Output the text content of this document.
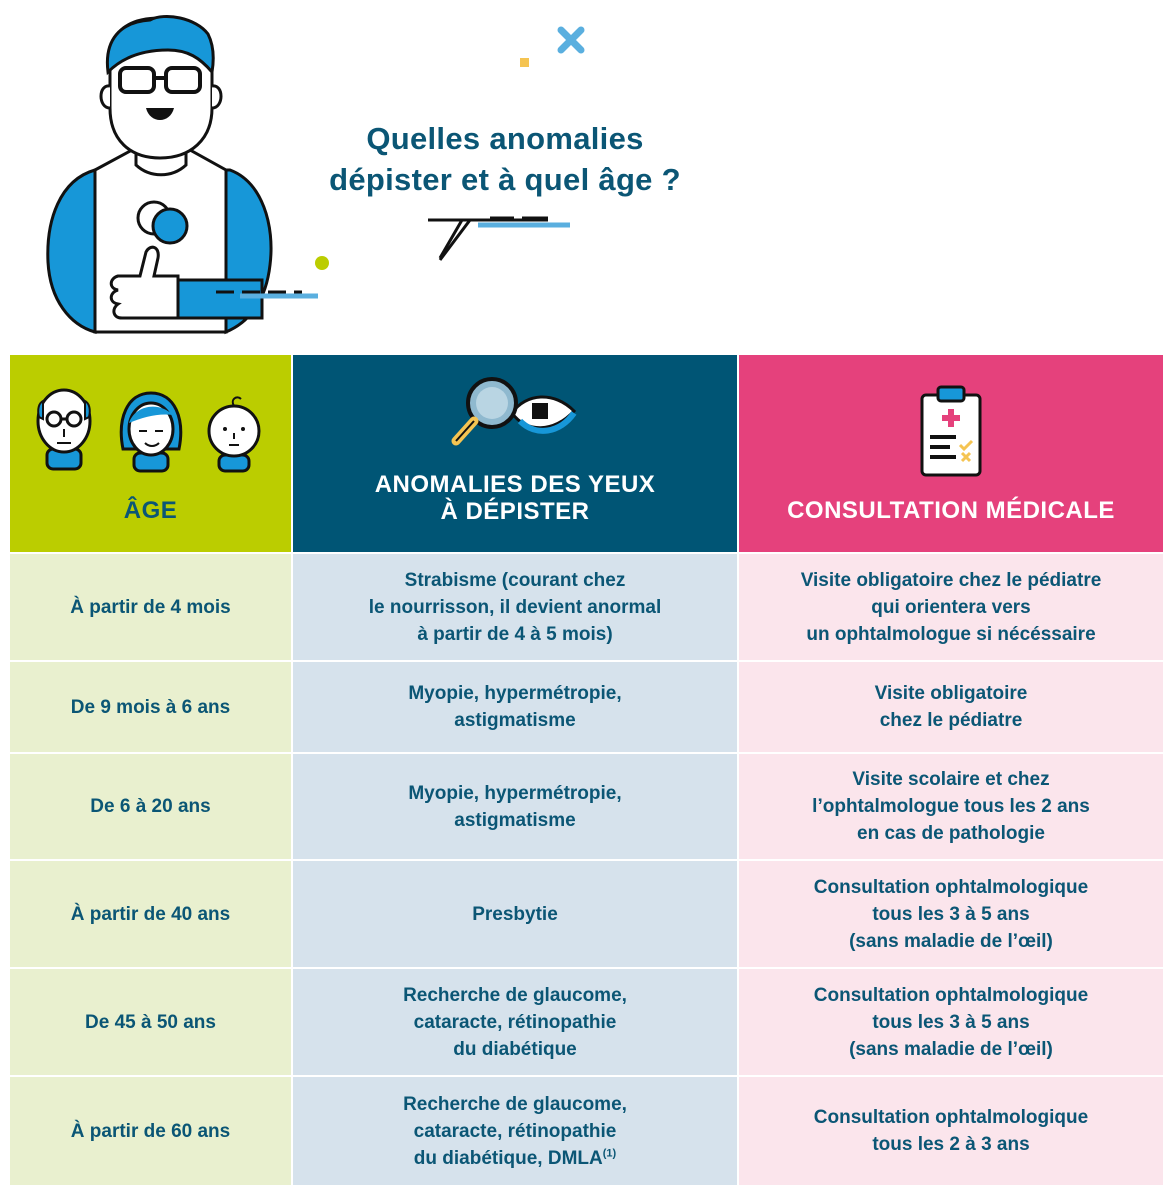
Quelles anomalies
dépister et à quel âge ?
ÂGE
ANOMALIES DES YEUX
À DÉPISTER	CONSULTATION MÉDICALE
À partir de 4 mois
Strabisme (courant chez
le nourrisson, il devient anormal
à partir de 4 à 5 mois)
Visite obligatoire chez le pédiatre
qui orientera vers
un ophtalmologue si nécéssaire
De 9 mois à 6 ans
Myopie, hypermétropie,
astigmatisme
Visite obligatoire
chez le pédiatre
De 6 à 20 ans
Myopie, hypermétropie,
astigmatisme
Visite scolaire et chez
l’ophtalmologue tous les 2 ans
en cas de pathologie
À partir de 40 ans	Presbytie
Consultation ophtalmologique
tous les 3 à 5 ans
(sans maladie de l’œil)
De 45 à 50 ans
Recherche de glaucome,
cataracte, rétinopathie
du diabétique
Consultation ophtalmologique
tous les 3 à 5 ans
(sans maladie de l’œil)
À partir de 60 ans
Recherche de glaucome,
cataracte, rétinopathie
du diabétique, DMLA$^{(1)}$
Consultation ophtalmologique
tous les 2 à 3 ans
